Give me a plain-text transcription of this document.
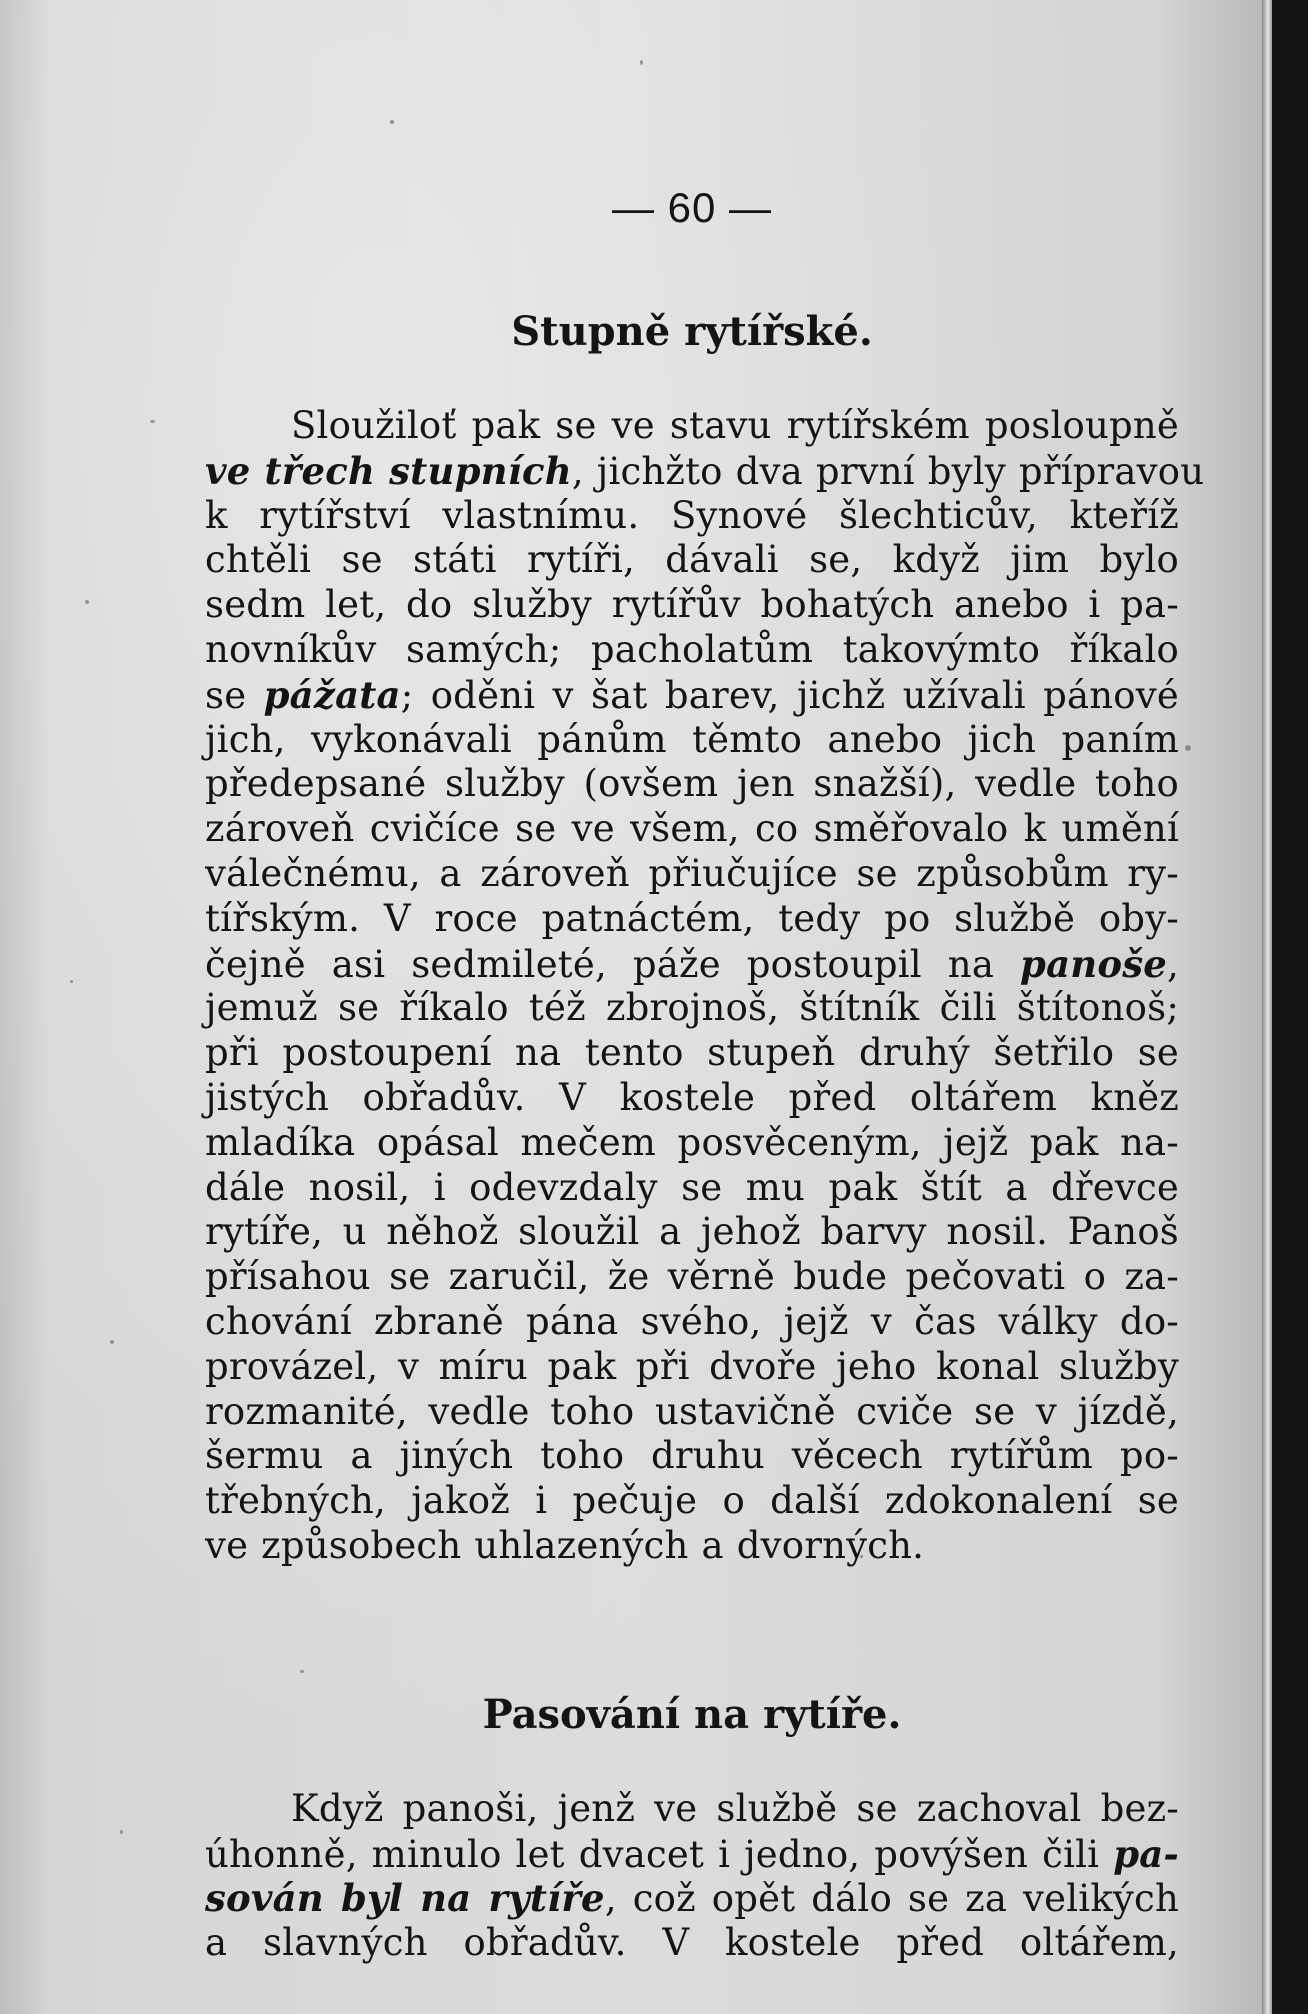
— 60 —
Stupně rytířské.
Sloužiloť pak se ve stavu rytířském posloupně
ve třech stupních, jichžto dva první byly přípravou
k rytířství vlastnímu. Synové šlechticův, kteříž
chtěli se státi rytíři, dávali se, když jim bylo
sedm let, do služby rytířův bohatých anebo i pa-
novníkův samých; pacholatům takovýmto říkalo
se pážata; oděni v šat barev, jichž užívali pánové
jich, vykonávali pánům těmto anebo jich paním
předepsané služby (ovšem jen snažší), vedle toho
zároveň cvičíce se ve všem, co směřovalo k umění
válečnému, a zároveň přiučujíce se způsobům ry-
tířským. V roce patnáctém, tedy po službě oby-
čejně asi sedmileté, páže postoupil na panoše,
jemuž se říkalo též zbrojnoš, štítník čili štítonoš;
při postoupení na tento stupeň druhý šetřilo se
jistých obřadův. V kostele před oltářem kněz
mladíka opásal mečem posvěceným, jejž pak na-
dále nosil, i odevzdaly se mu pak štít a dřevce
rytíře, u něhož sloužil a jehož barvy nosil. Panoš
přísahou se zaručil, že věrně bude pečovati o za-
chování zbraně pána svého, jejž v čas války do-
provázel, v míru pak při dvoře jeho konal služby
rozmanité, vedle toho ustavičně cviče se v jízdě,
šermu a jiných toho druhu věcech rytířům po-
třebných, jakož i pečuje o další zdokonalení se
ve způsobech uhlazených a dvorných.
Pasování na rytíře.
Když panoši, jenž ve službě se zachoval bez-
úhonně, minulo let dvacet i jedno, povýšen čili pa-
sován byl na rytíře, což opět dálo se za velikých
a slavných obřadův. V kostele před oltářem,
